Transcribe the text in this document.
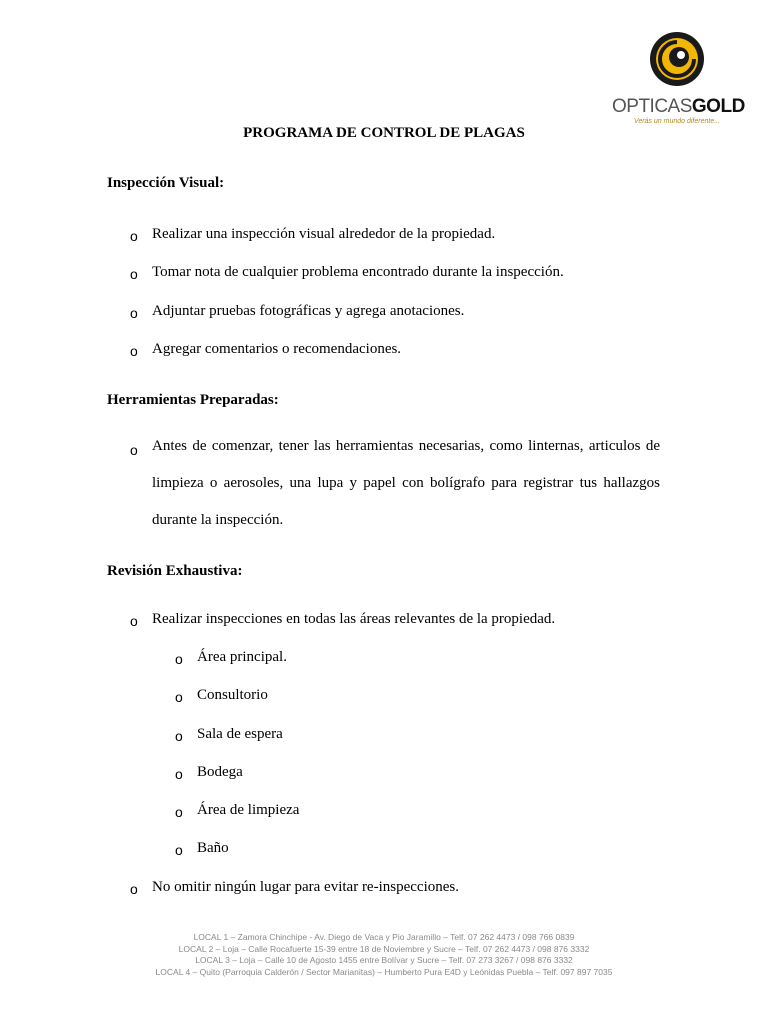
OPTICASGOLD
Verás un mundo diferente...
PROGRAMA DE CONTROL DE PLAGAS
Inspección Visual:
o Realizar una inspección visual alrededor de la propiedad.
o Tomar nota de cualquier problema encontrado durante la inspección.
o Adjuntar pruebas fotográficas y agrega anotaciones.
o Agregar comentarios o recomendaciones.
Herramientas Preparadas:
o Antes de comenzar, tener las herramientas necesarias, como linternas, articulos de limpieza o aerosoles, una lupa y papel con bolígrafo para registrar tus hallazgos durante la inspección.
Revisión Exhaustiva:
o Realizar inspecciones en todas las áreas relevantes de la propiedad.
o Área principal.
o Consultorio
o Sala de espera
o Bodega
o Área de limpieza
o Baño
o No omitir ningún lugar para evitar re-inspecciones.
LOCAL 1 – Zamora Chinchipe - Av. Diego de Vaca y Pio Jaramillo – Telf. 07 262 4473 / 098 766 0839
LOCAL 2 – Loja – Calle Rocafuerte 15-39 entre 18 de Noviembre y Sucre – Telf. 07 262 4473 / 098 876 3332
LOCAL 3 – Loja – Calle 10 de Agosto 1455 entre Bolívar y Sucre – Telf. 07 273 3267 / 098 876 3332
LOCAL 4 – Quito (Parroquia Calderón / Sector Marianitas) – Humberto Pura E4D y Leónidas Puebla – Telf. 097 897 7035
